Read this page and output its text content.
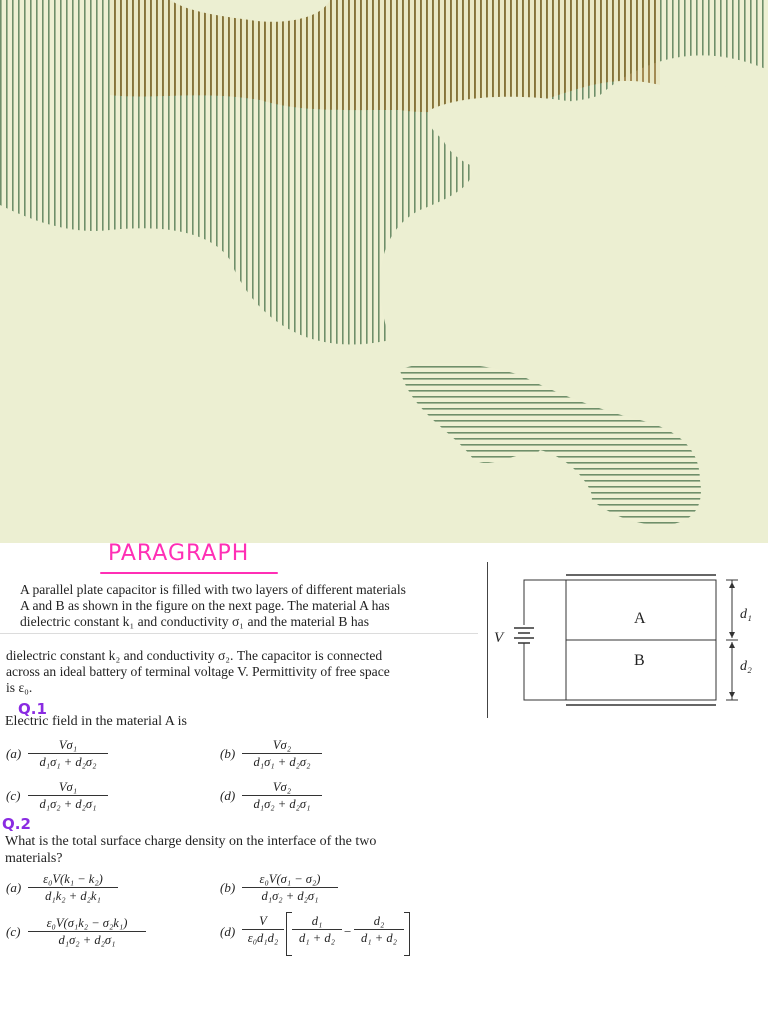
PARAGRAPH
A parallel plate capacitor is filled with two layers of different materials
A and B as shown in the figure on the next page. The material A has
dielectric constant k₁ and conductivity σ₁ and the material B has
dielectric constant k₂ and conductivity σ₂. The capacitor is connected
across an ideal battery of terminal voltage V. Permittivity of free space
is ε₀.
V
A
B
d₁
d₂
Q.1
Electric field in the material A is
$(a) \frac{\text{Vσ₁}}{\text{d₁σ₁ + d₂σ₂}}$	$(b) \frac{\text{Vσ₂}}{\text{d₁σ₁ + d₂σ₂}}$
$(c) \frac{\text{Vσ₁}}{\text{d₁σ₂ + d₂σ₁}}$	$(d) \frac{\text{Vσ₂}}{\text{d₁σ₂ + d₂σ₁}}$
Q.2
What is the total surface charge density on the interface of the two
materials?
$(a) \frac{\text{ε₀V(k₁ − k₂)}}{\text{d₁k₂ + d₂k₁}}$	$(b) \frac{\text{ε₀V(σ₁ − σ₂)}}{\text{d₁σ₂ + d₂σ₁}}$
$(c) \frac{\text{ε₀V(σ₁k₂ − σ₂k₁)}}{\text{d₁σ₂ + d₂σ₁}}$	$(d) \frac{V}{\text{ε₀d₁d₂}} \frac{\text{d₁}}{\text{d₁ + d₂}} - \frac{\text{d₂}}{\text{d₁ + d₂}}$
